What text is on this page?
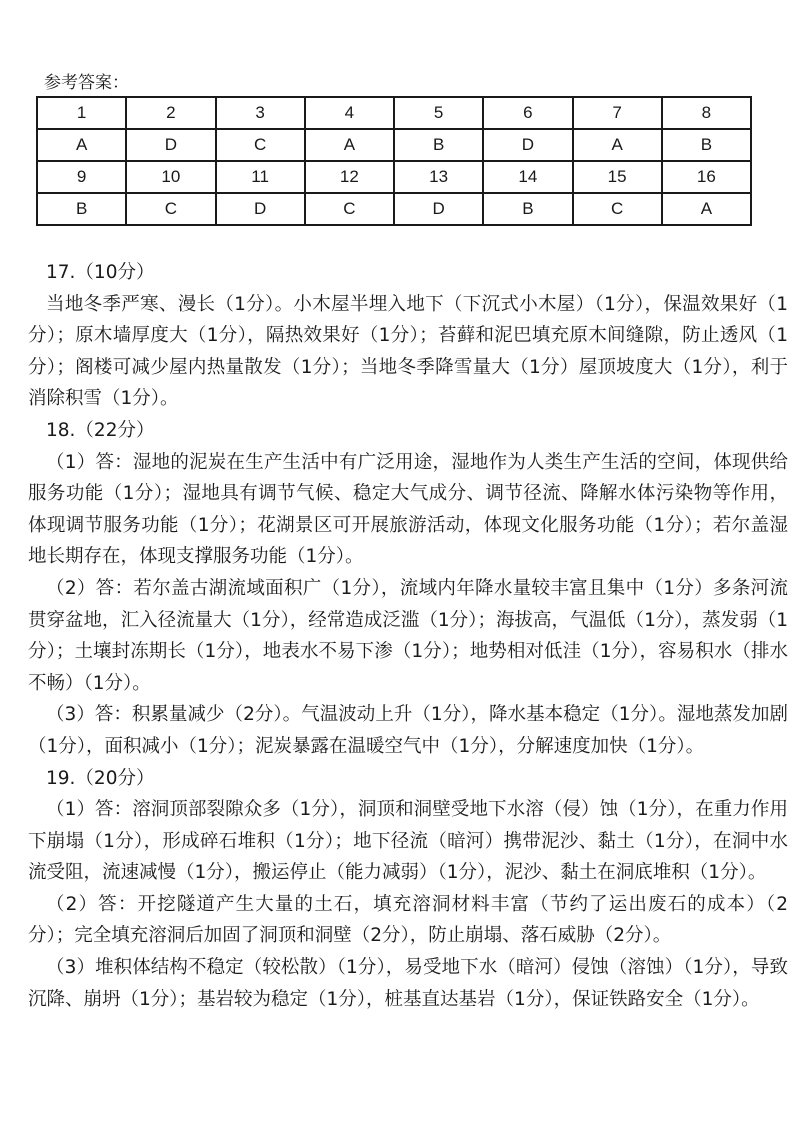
参考答案：
1	2	3	4	5	6	7	8
A	D	C	A	B	D	A	B
9	10	11	12	13	14	15	16
B	C	D	C	D	B	C	A

17.（10分）

当地冬季严寒、漫长（1分）。小木屋半埋入地下（下沉式小木屋）（1分），保温效果好（1分）；原木墙厚度大（1分），隔热效果好（1分）；苔藓和泥巴填充原木间缝隙，防止透风（1分）；阁楼可减少屋内热量散发（1分）；当地冬季降雪量大（1分）屋顶坡度大（1分），利于消除积雪（1分）。

18.（22分）

（1）答：湿地的泥炭在生产生活中有广泛用途，湿地作为人类生产生活的空间，体现供给服务功能（1分）；湿地具有调节气候、稳定大气成分、调节径流、降解水体污染物等作用，体现调节服务功能（1分）；花湖景区可开展旅游活动，体现文化服务功能（1分）；若尔盖湿地长期存在，体现支撑服务功能（1分）。

（2）答：若尔盖古湖流域面积广（1分），流域内年降水量较丰富且集中（1分）多条河流贯穿盆地，汇入径流量大（1分），经常造成泛滥（1分）；海拔高，气温低（1分），蒸发弱（1分）；土壤封冻期长（1分），地表水不易下渗（1分）；地势相对低洼（1分），容易积水（排水不畅）（1分）。

（3）答：积累量减少（2分）。气温波动上升（1分），降水基本稳定（1分）。湿地蒸发加剧（1分），面积减小（1分）；泥炭暴露在温暖空气中（1分），分解速度加快（1分）。

19.（20分）

（1）答：溶洞顶部裂隙众多（1分），洞顶和洞壁受地下水溶（侵）蚀（1分），在重力作用下崩塌（1分），形成碎石堆积（1分）；地下径流（暗河）携带泥沙、黏土（1分），在洞中水流受阻，流速减慢（1分），搬运停止（能力减弱）（1分），泥沙、黏土在洞底堆积（1分）。

（2）答：开挖隧道产生大量的土石，填充溶洞材料丰富（节约了运出废石的成本）（2分）；完全填充溶洞后加固了洞顶和洞壁（2分），防止崩塌、落石威胁（2分）。

（3）堆积体结构不稳定（较松散）（1分），易受地下水（暗河）侵蚀（溶蚀）（1分），导致沉降、崩坍（1分）；基岩较为稳定（1分），桩基直达基岩（1分），保证铁路安全（1分）。
